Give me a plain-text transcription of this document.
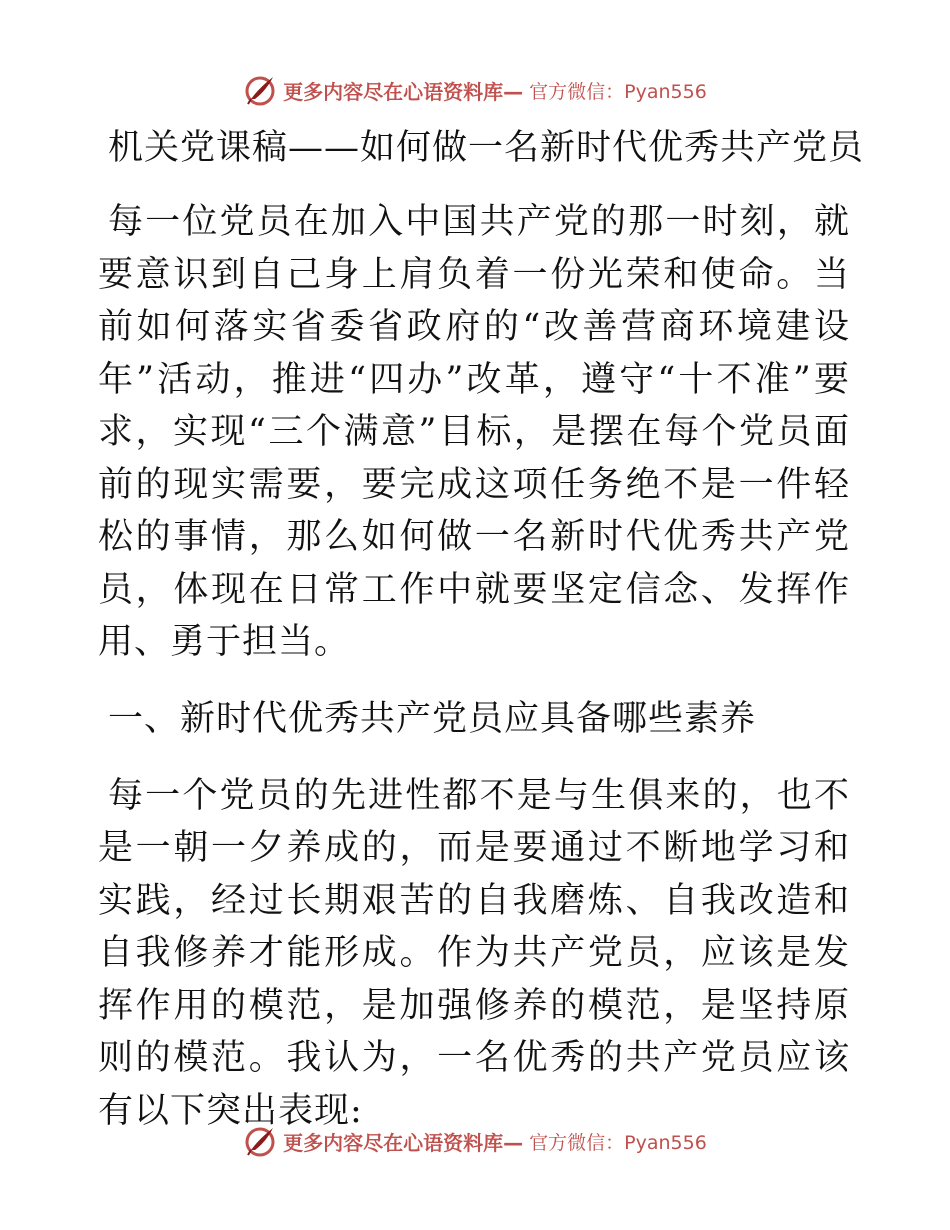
更多内容尽在心语资料库— 官方微信：Pyan556
机关党课稿——如何做一名新时代优秀共产党员

每一位党员在加入中国共产党的那一时刻，就要意识到自己身上肩负着一份光荣和使命。当前如何落实省委省政府的“改善营商环境建设年”活动，推进“四办”改革，遵守“十不准”要求，实现“三个满意”目标，是摆在每个党员面前的现实需要，要完成这项任务绝不是一件轻松的事情，那么如何做一名新时代优秀共产党员，体现在日常工作中就要坚定信念、发挥作用、勇于担当。

一、新时代优秀共产党员应具备哪些素养

每一个党员的先进性都不是与生俱来的，也不是一朝一夕养成的，而是要通过不断地学习和实践，经过长期艰苦的自我磨炼、自我改造和自我修养才能形成。作为共产党员，应该是发挥作用的模范，是加强修养的模范，是坚持原则的模范。我认为，一名优秀的共产党员应该有以下突出表现:

更多内容尽在心语资料库— 官方微信：Pyan556
